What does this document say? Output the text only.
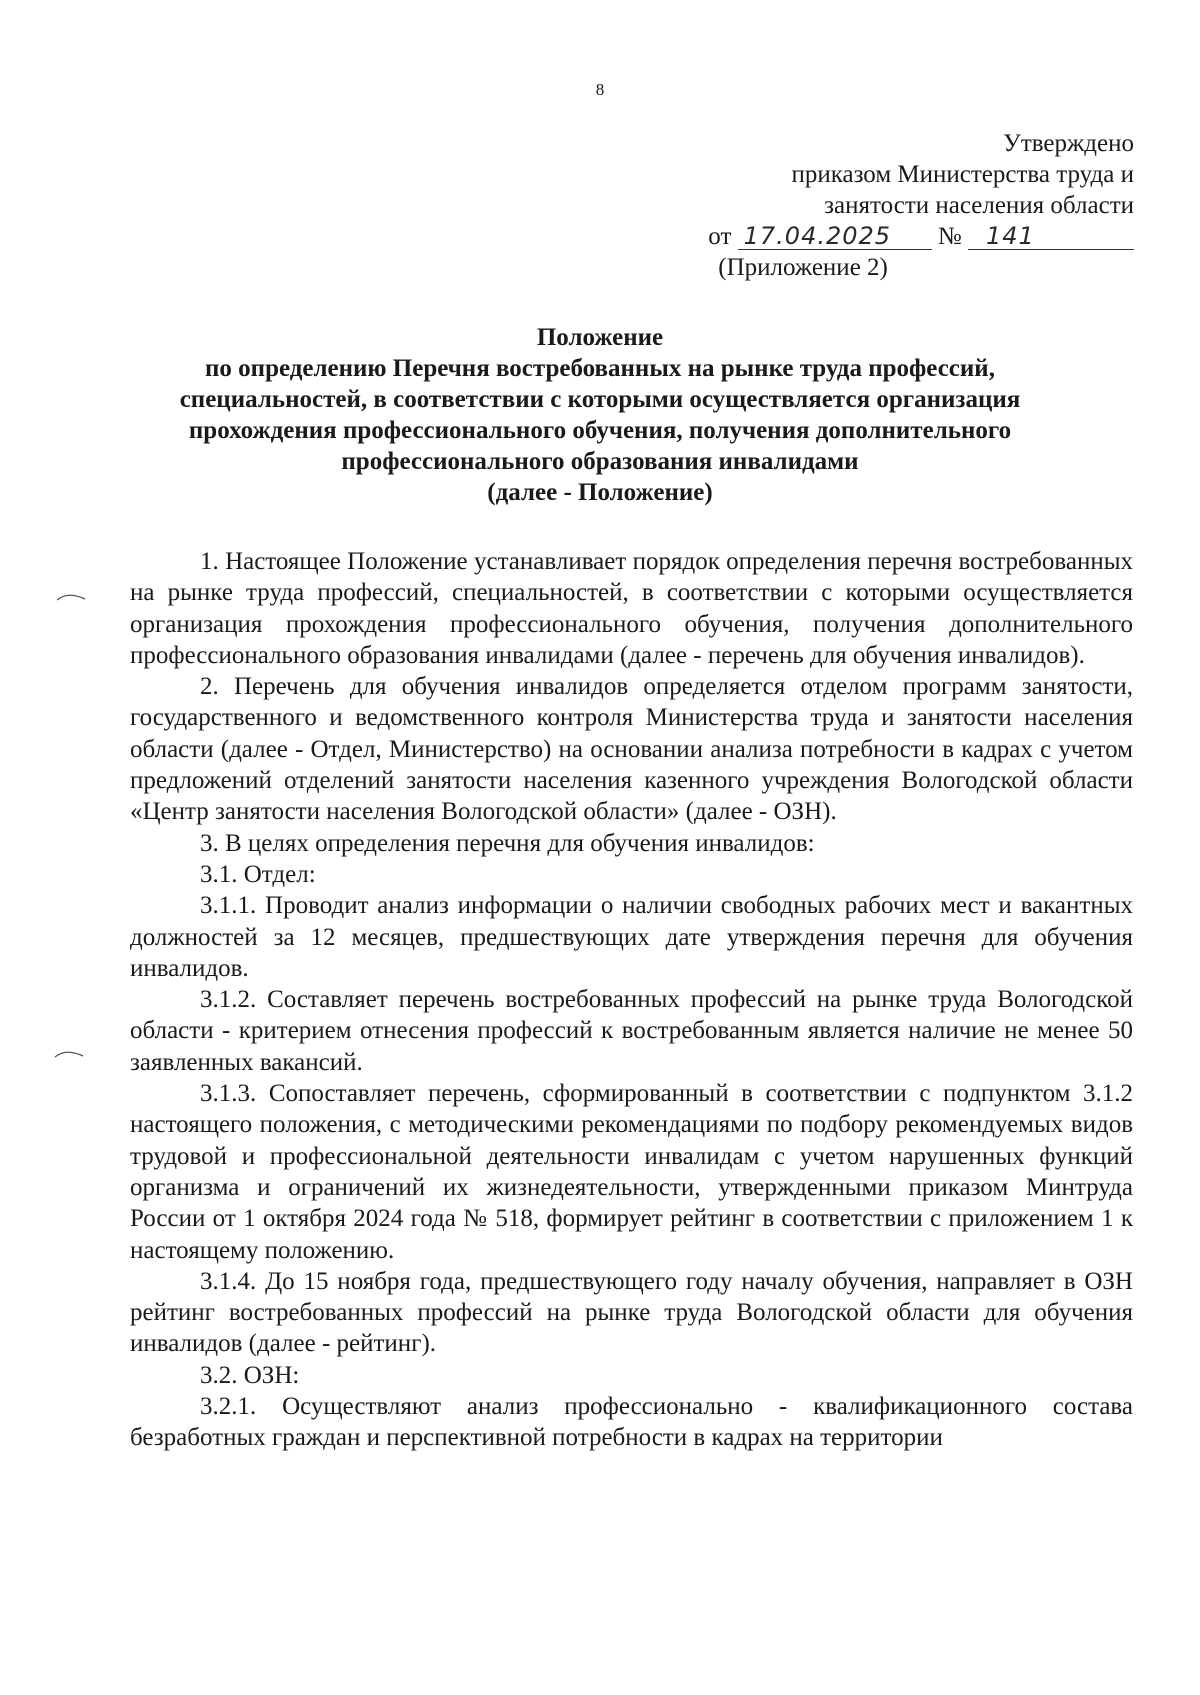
8
Утверждено
приказом Министерства труда и
занятости населения области
от 17.04.2025 № 141
(Приложение 2)
Положение
по определению Перечня востребованных на рынке труда профессий,
специальностей, в соответствии с которыми осуществляется организация
прохождения профессионального обучения, получения дополнительного
профессионального образования инвалидами
(далее - Положение)

1. Настоящее Положение устанавливает порядок определения перечня востребованных на рынке труда профессий, специальностей, в соответствии с которыми осуществляется организация прохождения профессионального обучения, получения дополнительного профессионального образования инвалидами (далее - перечень для обучения инвалидов).

2. Перечень для обучения инвалидов определяется отделом программ занятости, государственного и ведомственного контроля Министерства труда и занятости населения области (далее - Отдел, Министерство) на основании анализа потребности в кадрах с учетом предложений отделений занятости населения казенного учреждения Вологодской области «Центр занятости населения Вологодской области» (далее - ОЗН).

3. В целях определения перечня для обучения инвалидов:

3.1. Отдел:

3.1.1. Проводит анализ информации о наличии свободных рабочих мест и вакантных должностей за 12 месяцев, предшествующих дате утверждения перечня для обучения инвалидов.

3.1.2. Составляет перечень востребованных профессий на рынке труда Вологодской области - критерием отнесения профессий к востребованным является наличие не менее 50 заявленных вакансий.

3.1.3. Сопоставляет перечень, сформированный в соответствии с подпунктом 3.1.2 настоящего положения, с методическими рекомендациями по подбору рекомендуемых видов трудовой и профессиональной деятельности инвалидам с учетом нарушенных функций организма и ограничений их жизнедеятельности, утвержденными приказом Минтруда России от 1 октября 2024 года № 518, формирует рейтинг в соответствии с приложением 1 к настоящему положению.

3.1.4. До 15 ноября года, предшествующего году началу обучения, направляет в ОЗН рейтинг востребованных профессий на рынке труда Вологодской области для обучения инвалидов (далее - рейтинг).

3.2. ОЗН:

3.2.1. Осуществляют анализ профессионально - квалификационного состава безработных граждан и перспективной потребности в кадрах на территории
